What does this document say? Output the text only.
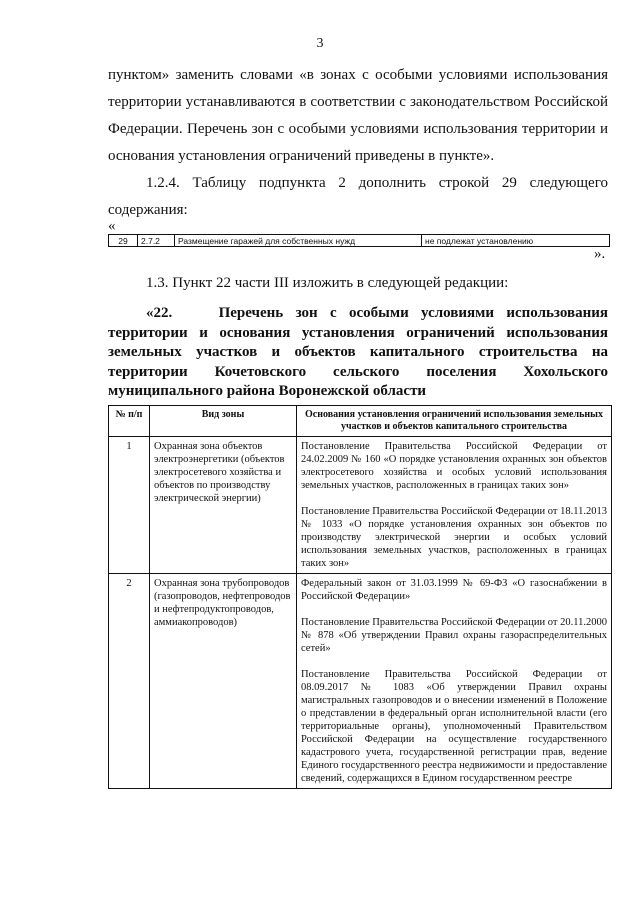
3
пунктом» заменить словами «в зонах с особыми условиями использования территории устанавливаются в соответствии с законодательством Российской Федерации. Перечень зон с особыми условиями использования территории и основания установления ограничений приведены в пункте».
1.2.4. Таблицу подпункта 2 дополнить строкой 29 следующего содержания:
«
29	2.7.2	Размещение гаражей для собственных нужд	не подлежат установлению
».
1.3. Пункт 22 части III изложить в следующей редакции:
«22.	Перечень зон с особыми условиями использования территории и основания установления ограничений использования земельных участков и объектов капитального строительства на территории Кочетовского сельского поселения Хохольского муниципального района Воронежской области
№ п/п	Вид зоны	Основания установления ограничений использования земельных участков и объектов капитального строительства
1	Охранная зона объектов электроэнергетики (объектов электросетевого хозяйства и объектов по производству электрической энергии)	Постановление Правительства Российской Федерации от 24.02.2009 № 160 «О порядке установления охранных зон объектов электросетевого хозяйства и особых условий использования земельных участков, расположенных в границах таких зон»

Постановление Правительства Российской Федерации от 18.11.2013 № 1033 «О порядке установления охранных зон объектов по производству электрической энергии и особых условий использования земельных участков, расположенных в границах таких зон»

2	Охранная зона трубопроводов (газопроводов, нефтепроводов и нефтепродуктопроводов, аммиакопроводов)	Федеральный закон от 31.03.1999 № 69-ФЗ «О газоснабжении в Российской Федерации»

Постановление Правительства Российской Федерации от 20.11.2000 № 878 «Об утверждении Правил охраны газораспределительных сетей»

Постановление Правительства Российской Федерации от 08.09.2017 № 1083 «Об утверждении Правил охраны магистральных газопроводов и о внесении изменений в Положение о представлении в федеральный орган исполнительной власти (его территориальные органы), уполномоченный Правительством Российской Федерации на осуществление государственного кадастрового учета, государственной регистрации прав, ведение Единого государственного реестра недвижимости и предоставление сведений, содержащихся в Едином государственном реестре
